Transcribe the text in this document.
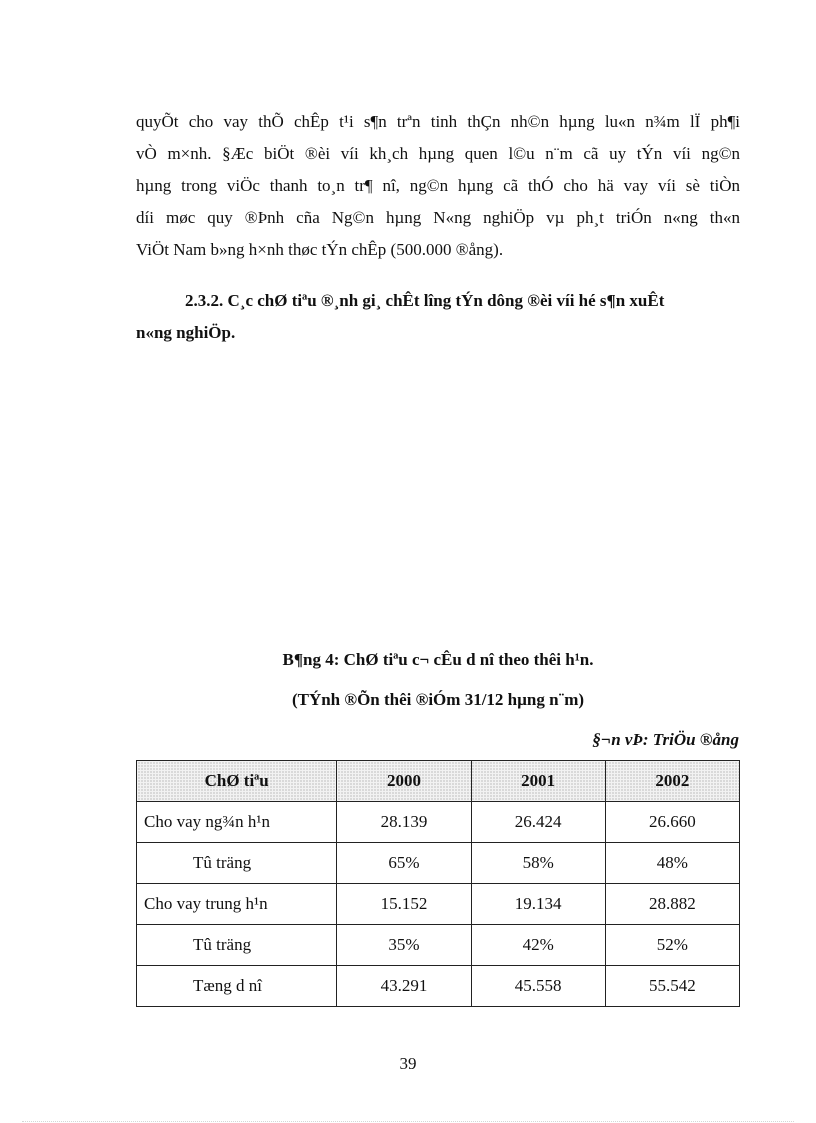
quyÕt cho vay thÕ chÊp t¹i s¶n trªn tinh thÇn nh©n hµng lu«n n¾m lÏ ph¶i
vÒ m×nh. §Æc biÖt ®èi víi kh¸ch hµng quen l©u n¨m cã uy tÝn víi ng©n
hµng trong viÖc thanh to¸n tr¶ nî, ng©n hµng cã thÓ cho hä vay víi sè tiÒn
díi møc quy ®Þnh cña Ng©n hµng N«ng nghiÖp vµ ph¸t triÓn n«ng th«n
ViÖt Nam b»ng h×nh thøc tÝn chÊp (500.000 ®ång).
2.3.2. C¸c chØ tiªu ®¸nh gi¸ chÊt lîng tÝn dông ®èi víi hé s¶n xuÊt
n«ng nghiÖp.
B¶ng 4: ChØ tiªu c¬ cÊu d nî theo thêi h¹n.
(TÝnh ®Õn thêi ®iÓm 31/12 hµng n¨m)
§¬n vÞ: TriÖu ®ång
ChØ tiªu	2000	2001	2002
Cho vay ng¾n h¹n	28.139	26.424	26.660
Tû träng	65%	58%	48%
Cho vay trung h¹n	15.152	19.134	28.882
Tû träng	35%	42%	52%
Tæng d nî	43.291	45.558	55.542
39
